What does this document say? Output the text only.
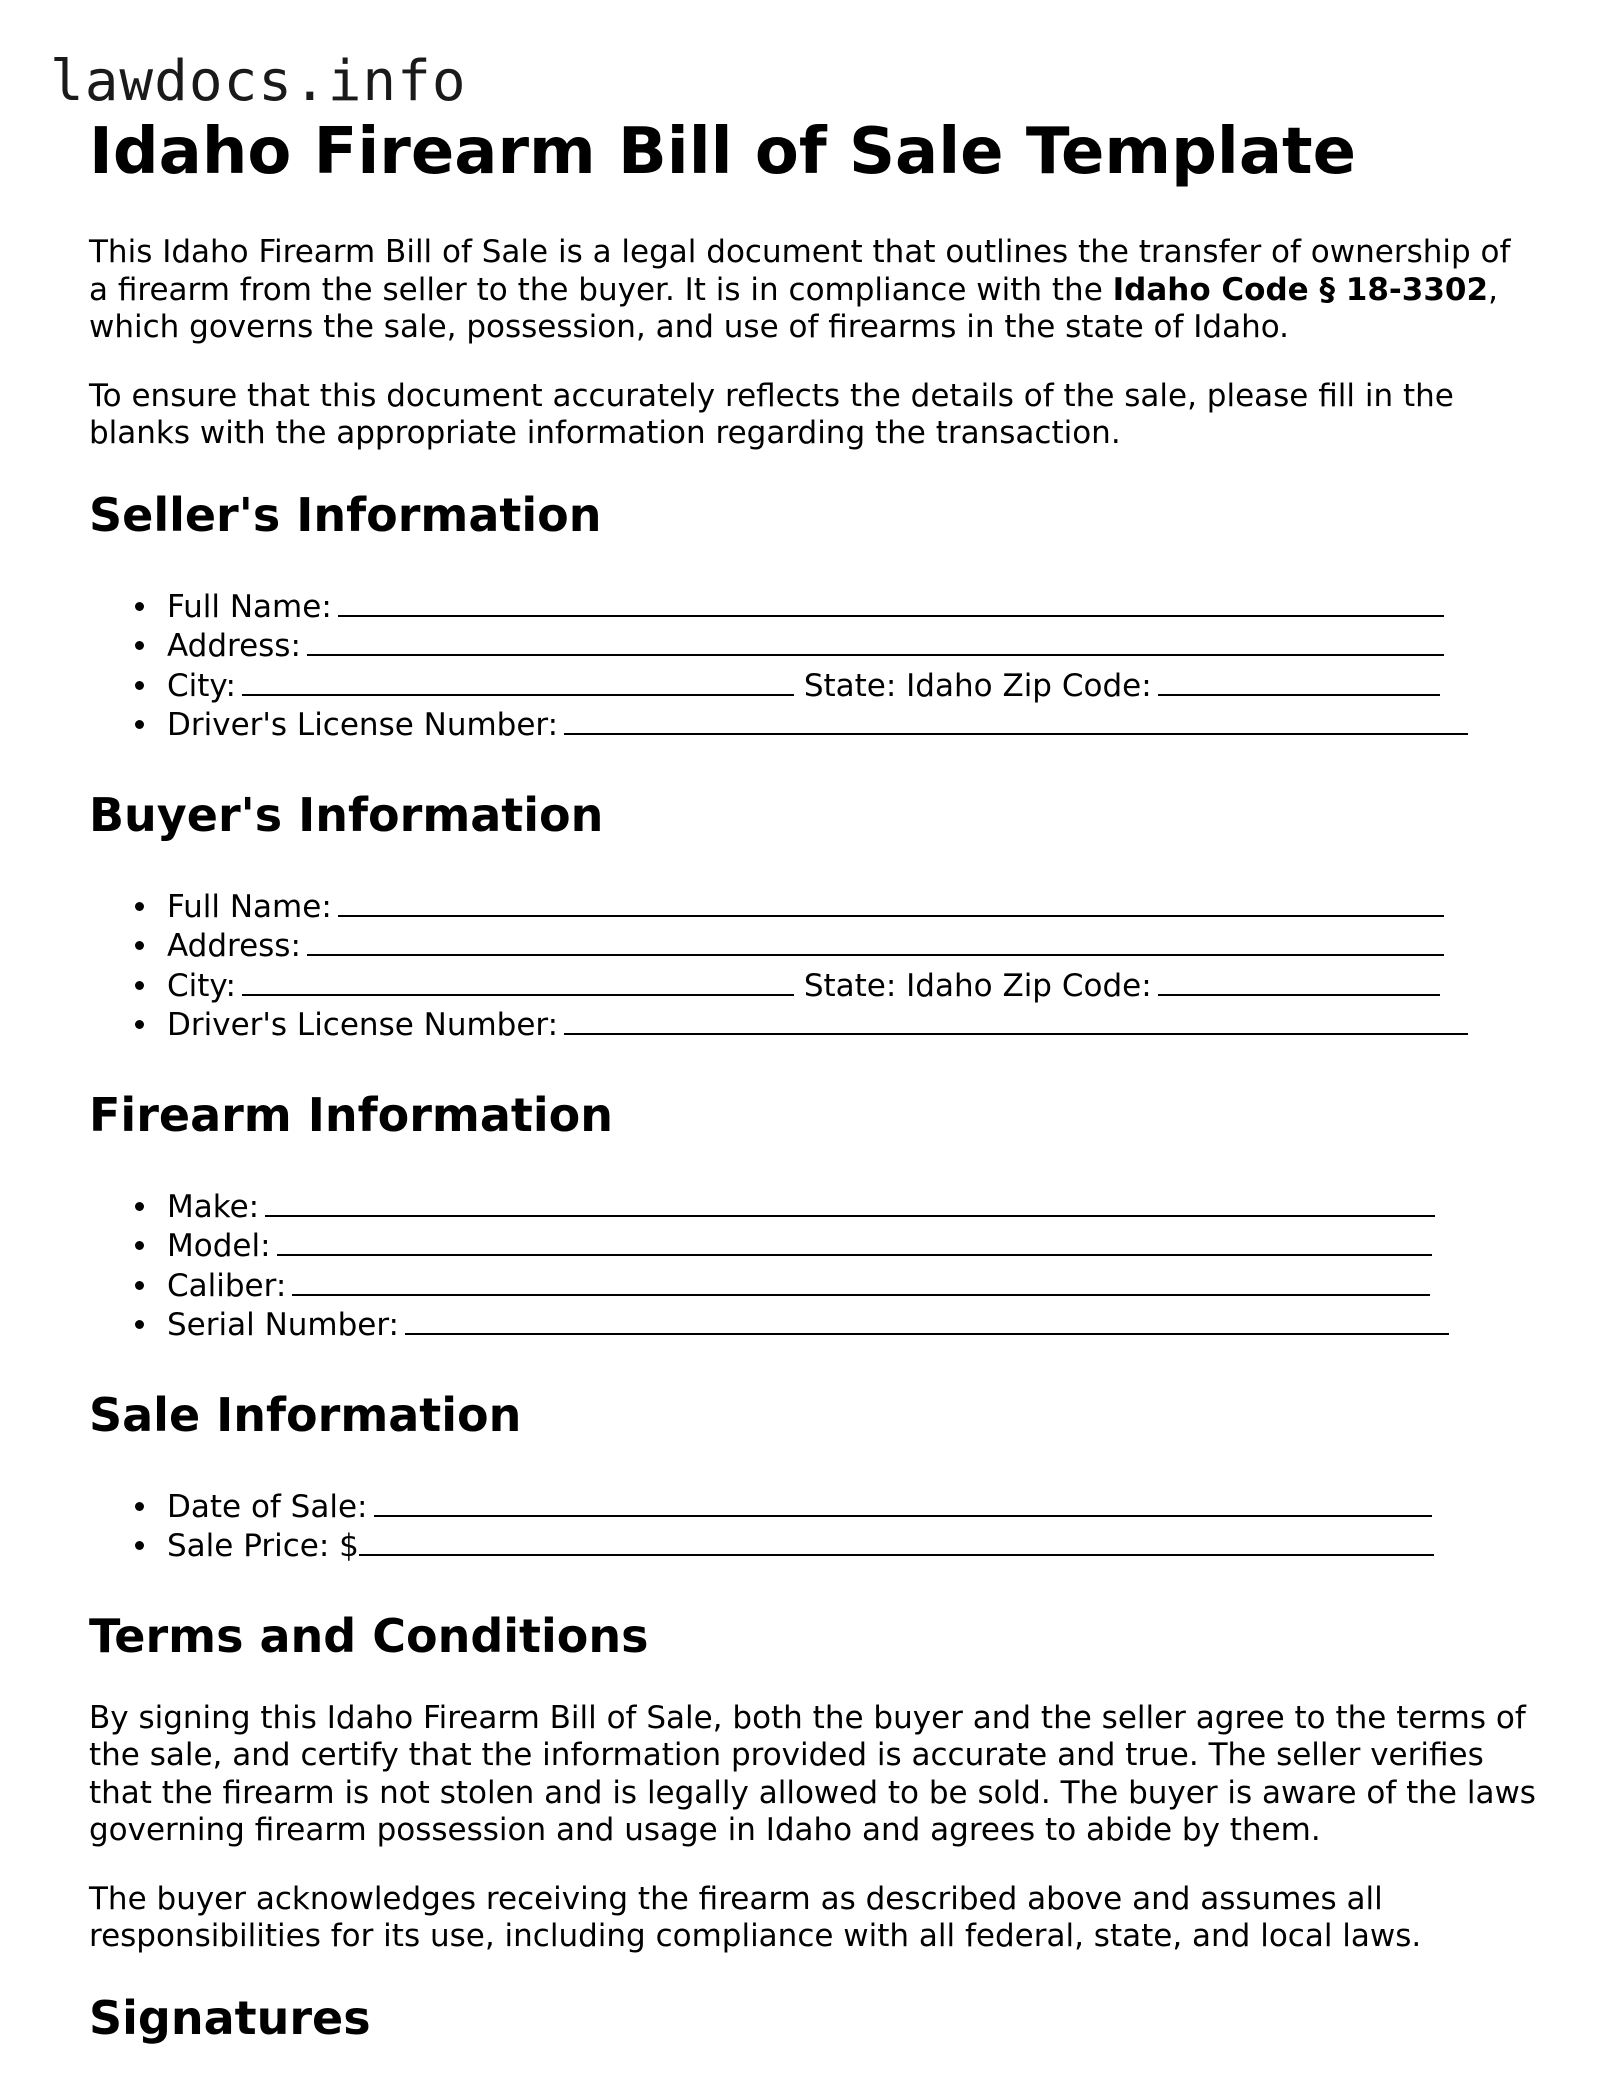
lawdocs.info
Idaho Firearm Bill of Sale Template

This Idaho Firearm Bill of Sale is a legal document that outlines the transfer of ownership of a firearm from the seller to the buyer. It is in compliance with the Idaho Code § 18-3302, which governs the sale, possession, and use of firearms in the state of Idaho.

To ensure that this document accurately reflects the details of the sale, please fill in the blanks with the appropriate information regarding the transaction.

Seller's Information
Full Name:
Address:
City:	State: Idaho Zip Code:
Driver's License Number:
Buyer's Information
Full Name:
Address:
City:	State: Idaho Zip Code:
Driver's License Number:
Firearm Information
Make:
Model:
Caliber:
Serial Number:
Sale Information
Date of Sale:
Sale Price: $
Terms and Conditions

By signing this Idaho Firearm Bill of Sale, both the buyer and the seller agree to the terms of the sale, and certify that the information provided is accurate and true. The seller verifies that the firearm is not stolen and is legally allowed to be sold. The buyer is aware of the laws governing firearm possession and usage in Idaho and agrees to abide by them.

The buyer acknowledges receiving the firearm as described above and assumes all responsibilities for its use, including compliance with all federal, state, and local laws.

Signatures
